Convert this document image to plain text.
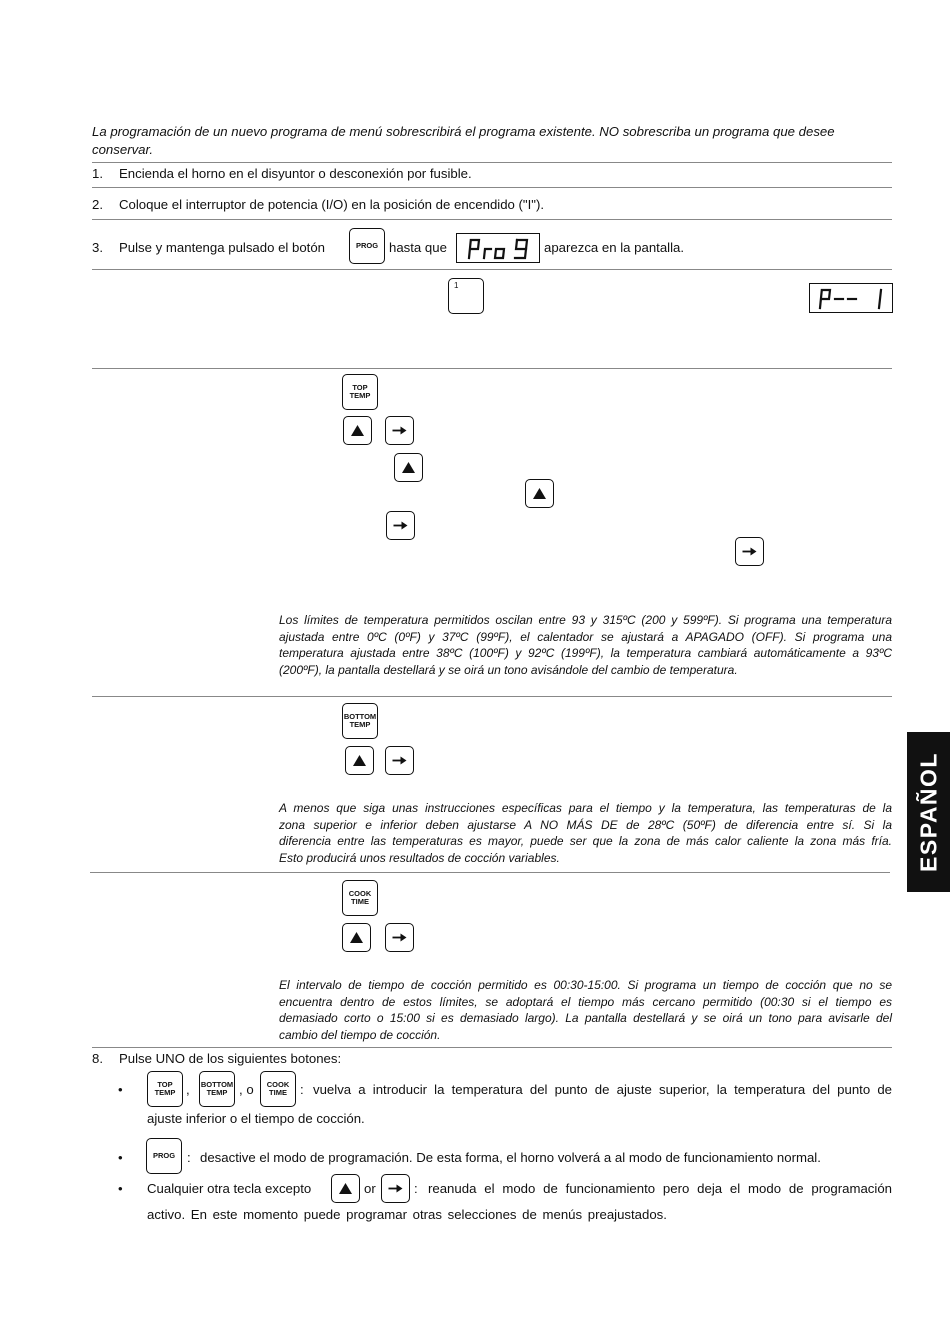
La programación de un nuevo programa de menú sobrescribirá el programa existente. NO sobrescriba un programa que desee
conservar.
1. Encienda el horno en el disyuntor o desconexión por fusible.
2. Coloque el interruptor de potencia (I/O) en la posición de encendido ("I").
3. Pulse y mantenga pulsado el botón	PROG hasta que	aparezca en la pantalla.
1
TOP
TEMP
Los límites de temperatura permitidos oscilan entre 93 y 315ºC (200 y 599ºF). Si programa una temperatura
ajustada entre 0ºC (0ºF) y 37ºC (99ºF), el calentador se ajustará a APAGADO (OFF). Si programa una
temperatura ajustada entre 38ºC (100ºF) y 92ºC (199ºF), la temperatura cambiará automáticamente a 93ºC
(200ºF), la pantalla destellará y se oirá un tono avisándole del cambio de temperatura.
BOTTOM
TEMP
A menos que siga unas instrucciones específicas para el tiempo y la temperatura, las temperaturas de la
zona superior e inferior deben ajustarse A NO MÁS DE de 28ºC (50ºF) de diferencia entre sí. Si la
diferencia entre las temperaturas es mayor, puede ser que la zona de más calor caliente la zona más fría.
Esto producirá unos resultados de cocción variables.
COOK
TIME
El intervalo de tiempo de cocción permitido es 00:30-15:00. Si programa un tiempo de cocción que no se
encuentra dentro de estos límites, se adoptará el tiempo más cercano permitido (00:30 si el tiempo es
demasiado corto o 15:00 si es demasiado largo). La pantalla destellará y se oirá un tono para avisarle del
cambio del tiempo de cocción.
8. Pulse UNO de los siguientes botones:
•	TOP
TEMP , BOTTOM
TEMP , o COOK
TIME : vuelva a introducir la temperatura del punto de ajuste superior, la temperatura del punto de
ajuste inferior o el tiempo de cocción.
•	PROG : desactive el modo de programación. De esta forma, el horno volverá a al modo de funcionamiento normal.
• Cualquier otra tecla excepto	or	: reanuda el modo de funcionamiento pero deja el modo de programación
activo. En este momento puede programar otras selecciones de menús preajustados.
ESPAÑOL
